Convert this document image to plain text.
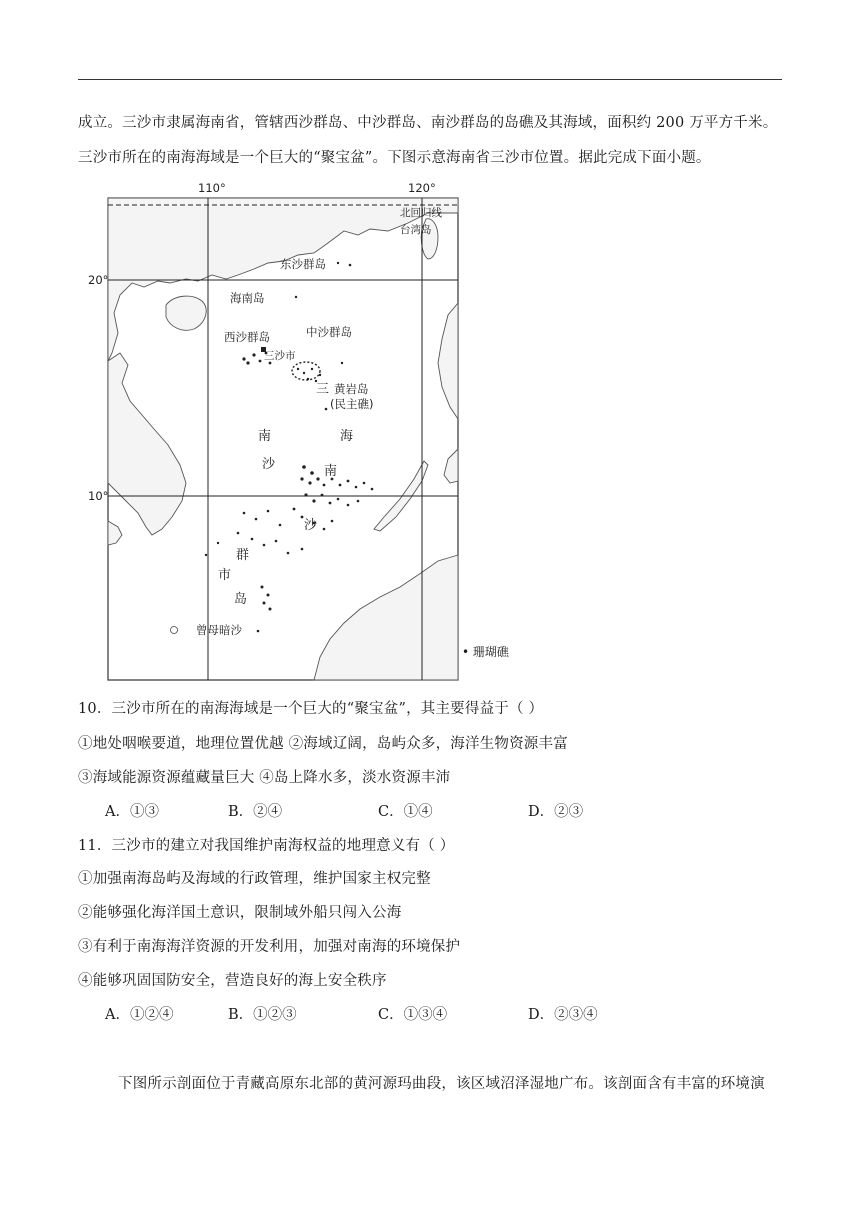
成立。三沙市隶属海南省，管辖西沙群岛、中沙群岛、南沙群岛的岛礁及其海域，面积约 200 万平方千米。
三沙市所在的南海海域是一个巨大的“聚宝盆”。下图示意海南省三沙市位置。据此完成下面小题。
110°	120°
20°
10°
北回归线
台湾岛
东沙群岛
海南岛
西沙群岛	中沙群岛
三沙市
三 黄岩岛
(民主礁)
南	海
沙	南
沙
群
市
岛
曾母暗沙
• 珊瑚礁
10．三沙市所在的南海海域是一个巨大的“聚宝盆”，其主要得益于（ ）
①地处咽喉要道，地理位置优越 ②海域辽阔，岛屿众多，海洋生物资源丰富
③海域能源资源蕴藏量巨大 ④岛上降水多，淡水资源丰沛
A．①③	B．②④	C．①④	D．②③
11．三沙市的建立对我国维护南海权益的地理意义有（ ）
①加强南海岛屿及海域的行政管理，维护国家主权完整
②能够强化海洋国土意识，限制域外船只闯入公海
③有利于南海海洋资源的开发利用，加强对南海的环境保护
④能够巩固国防安全，营造良好的海上安全秩序
A．①②④	B．①②③	C．①③④	D．②③④
下图所示剖面位于青藏高原东北部的黄河源玛曲段，该区域沼泽湿地广布。该剖面含有丰富的环境演
